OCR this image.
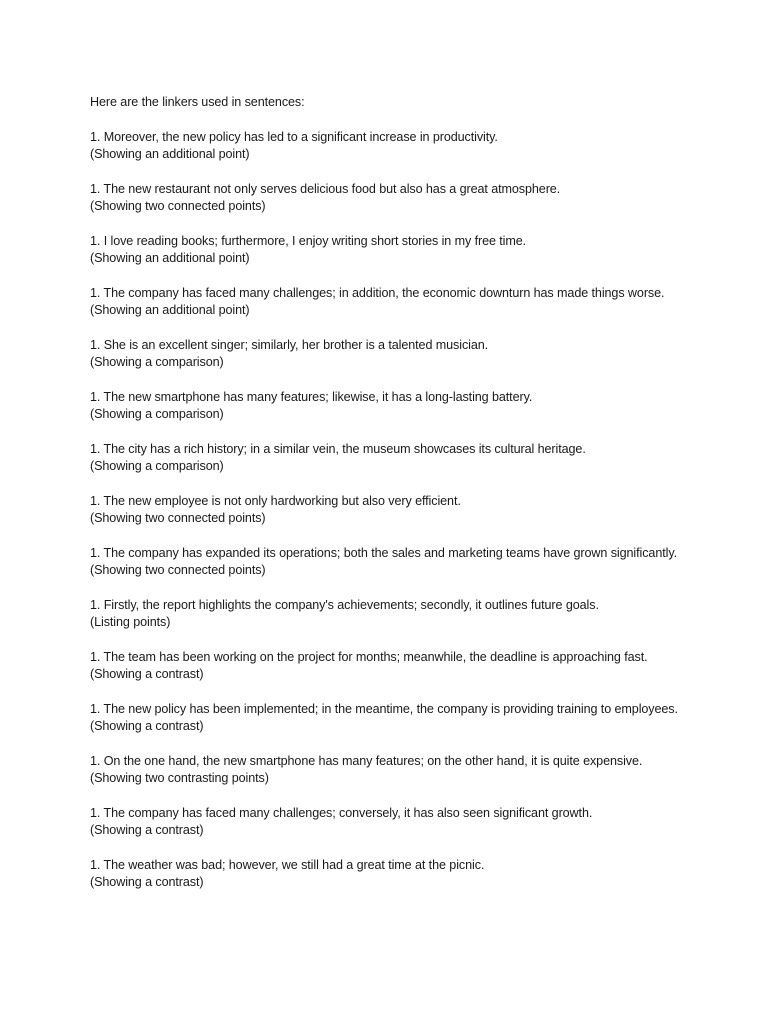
Here are the linkers used in sentences:

1. Moreover, the new policy has led to a significant increase in productivity.
(Showing an additional point)
1. The new restaurant not only serves delicious food but also has a great atmosphere.
(Showing two connected points)
1. I love reading books; furthermore, I enjoy writing short stories in my free time.
(Showing an additional point)
1. The company has faced many challenges; in addition, the economic downturn has made things worse.
(Showing an additional point)
1. She is an excellent singer; similarly, her brother is a talented musician.
(Showing a comparison)
1. The new smartphone has many features; likewise, it has a long-lasting battery.
(Showing a comparison)
1. The city has a rich history; in a similar vein, the museum showcases its cultural heritage.
(Showing a comparison)
1. The new employee is not only hardworking but also very efficient.
(Showing two connected points)
1. The company has expanded its operations; both the sales and marketing teams have grown significantly.
(Showing two connected points)
1. Firstly, the report highlights the company's achievements; secondly, it outlines future goals.
(Listing points)
1. The team has been working on the project for months; meanwhile, the deadline is approaching fast.
(Showing a contrast)
1. The new policy has been implemented; in the meantime, the company is providing training to employees.
(Showing a contrast)
1. On the one hand, the new smartphone has many features; on the other hand, it is quite expensive.
(Showing two contrasting points)
1. The company has faced many challenges; conversely, it has also seen significant growth.
(Showing a contrast)
1. The weather was bad; however, we still had a great time at the picnic.
(Showing a contrast)
